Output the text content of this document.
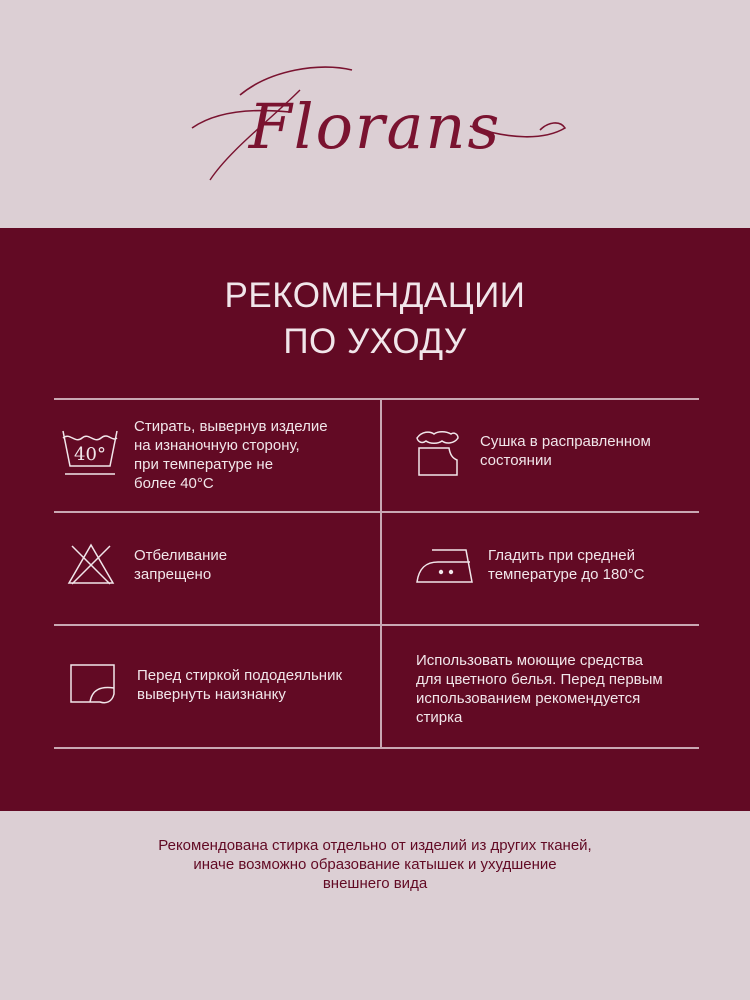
Florans
РЕКОМЕНДАЦИИ
ПО УХОДУ
40°
Стирать, вывернув изделие
на изнаночную сторону,
при температуре не
более 40°С
Сушка в расправленном
состоянии
Отбеливание
запрещено
Гладить при средней
температуре до 180°С
Перед стиркой пододеяльник
вывернуть наизнанку
Использовать моющие средства
для цветного белья. Перед первым
использованием рекомендуется
стирка
Рекомендована стирка отдельно от изделий из других тканей,
иначе возможно образование катышек и ухудшение
внешнего вида
